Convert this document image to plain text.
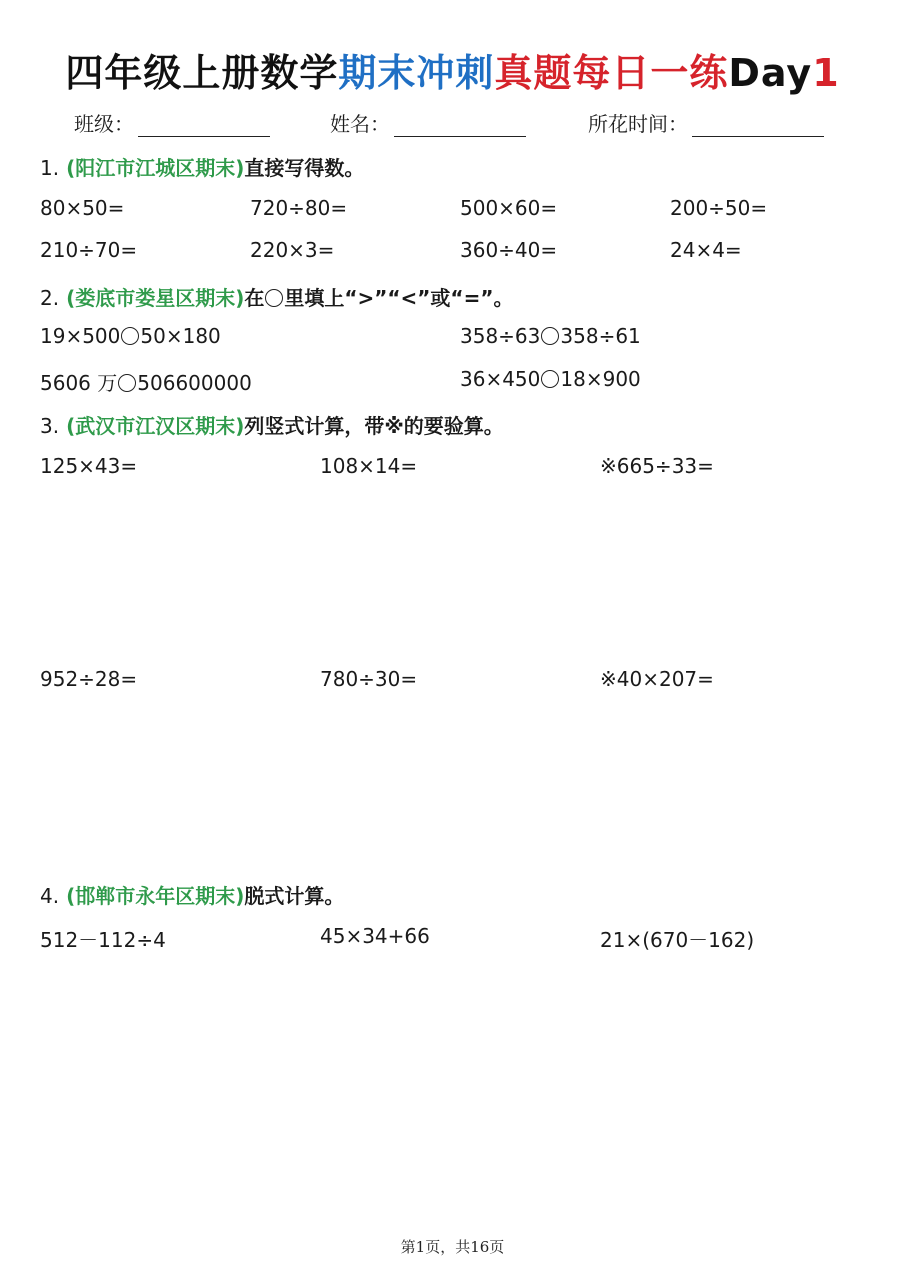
四年级上册数学期末冲刺真题每日一练Day1
班级：	姓名：	所花时间：
1. (阳江市江城区期末)直接写得数。
80×50=	720÷80=	500×60=	200÷50=
210÷70=	220×3=	360÷40=	24×4=
2. (娄底市娄星区期末)在 里填上“>”“<”或“=”。
19×500 50×180	358÷63 358÷61
5606 万 506600000	36×450 18×900
3. (武汉市江汉区期末)列竖式计算，带※的要验算。
125×43=	108×14=	※665÷33=
952÷28=	780÷30=	※40×207=
4. (邯郸市永年区期末)脱式计算。
512－112÷4	45×34+66	21×(670－162)
第1页，共16页
